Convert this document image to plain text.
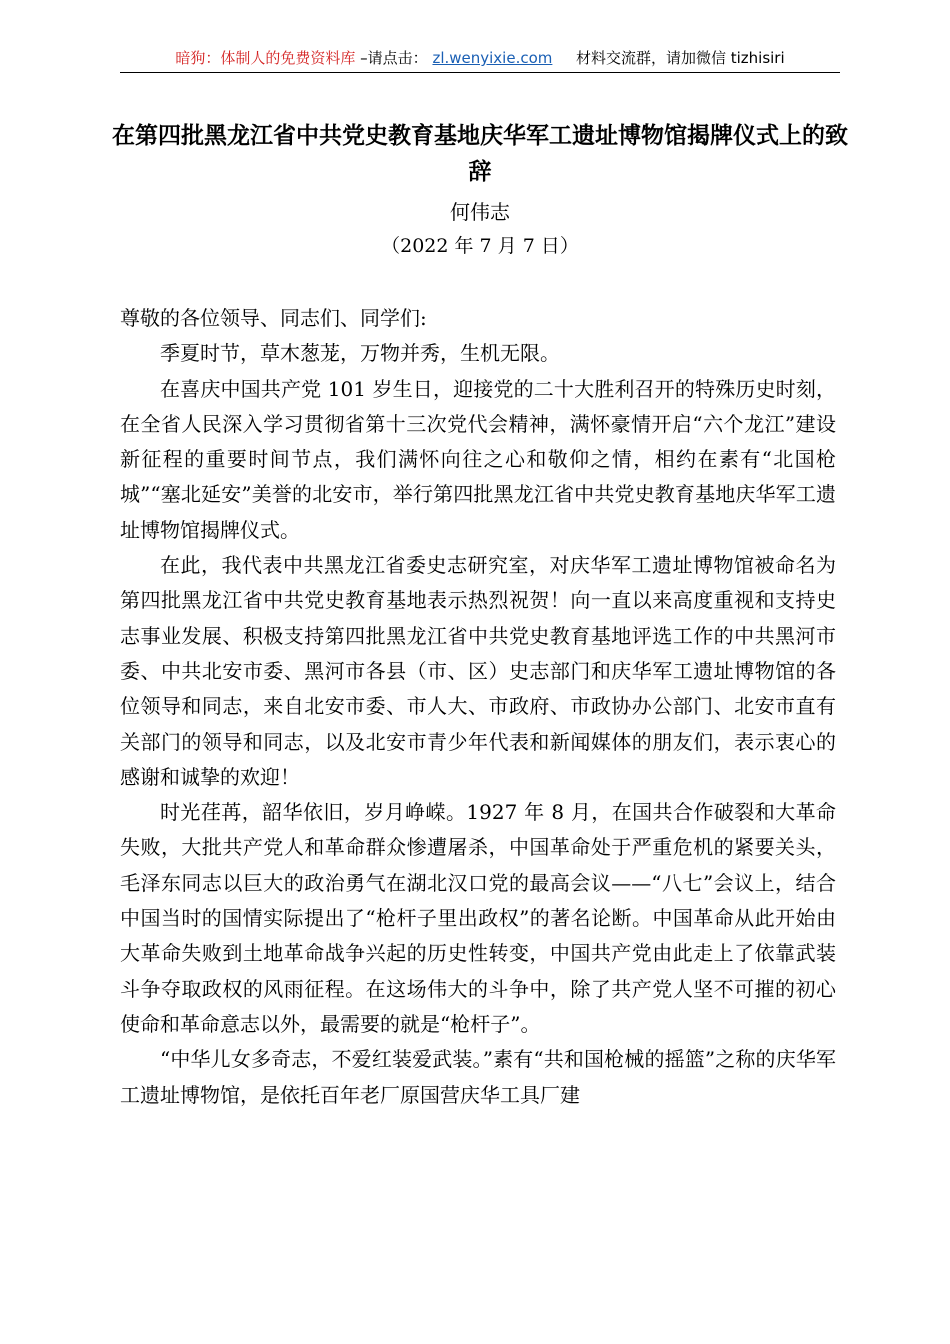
暗狗：体制人的免费资料库 –请点击： zl.wenyixie.com 材料交流群，请加微信 tizhisiri
在第四批黑龙江省中共党史教育基地庆华军工遗址博物馆揭牌仪式上的致辞
何伟志
（2022 年 7 月 7 日）

尊敬的各位领导、同志们、同学们:

季夏时节，草木葱茏，万物并秀，生机无限。

在喜庆中国共产党 101 岁生日，迎接党的二十大胜利召开的特殊历史时刻，在全省人民深入学习贯彻省第十三次党代会精神，满怀豪情开启“六个龙江”建设新征程的重要时间节点，我们满怀向往之心和敬仰之情，相约在素有“北国枪城”“塞北延安”美誉的北安市，举行第四批黑龙江省中共党史教育基地庆华军工遗址博物馆揭牌仪式。

在此，我代表中共黑龙江省委史志研究室，对庆华军工遗址博物馆被命名为第四批黑龙江省中共党史教育基地表示热烈祝贺！向一直以来高度重视和支持史志事业发展、积极支持第四批黑龙江省中共党史教育基地评选工作的中共黑河市委、中共北安市委、黑河市各县（市、区）史志部门和庆华军工遗址博物馆的各位领导和同志，来自北安市委、市人大、市政府、市政协办公部门、北安市直有关部门的领导和同志，以及北安市青少年代表和新闻媒体的朋友们，表示衷心的感谢和诚挚的欢迎！

时光荏苒，韶华依旧，岁月峥嵘。1927 年 8 月，在国共合作破裂和大革命失败，大批共产党人和革命群众惨遭屠杀，中国革命处于严重危机的紧要关头，毛泽东同志以巨大的政治勇气在湖北汉口党的最高会议——“八七”会议上，结合中国当时的国情实际提出了“枪杆子里出政权”的著名论断。中国革命从此开始由大革命失败到土地革命战争兴起的历史性转变，中国共产党由此走上了依靠武装斗争夺取政权的风雨征程。在这场伟大的斗争中，除了共产党人坚不可摧的初心使命和革命意志以外，最需要的就是“枪杆子”。

“中华儿女多奇志，不爱红装爱武装。”素有“共和国枪械的摇篮”之称的庆华军工遗址博物馆，是依托百年老厂原国营庆华工具厂建
